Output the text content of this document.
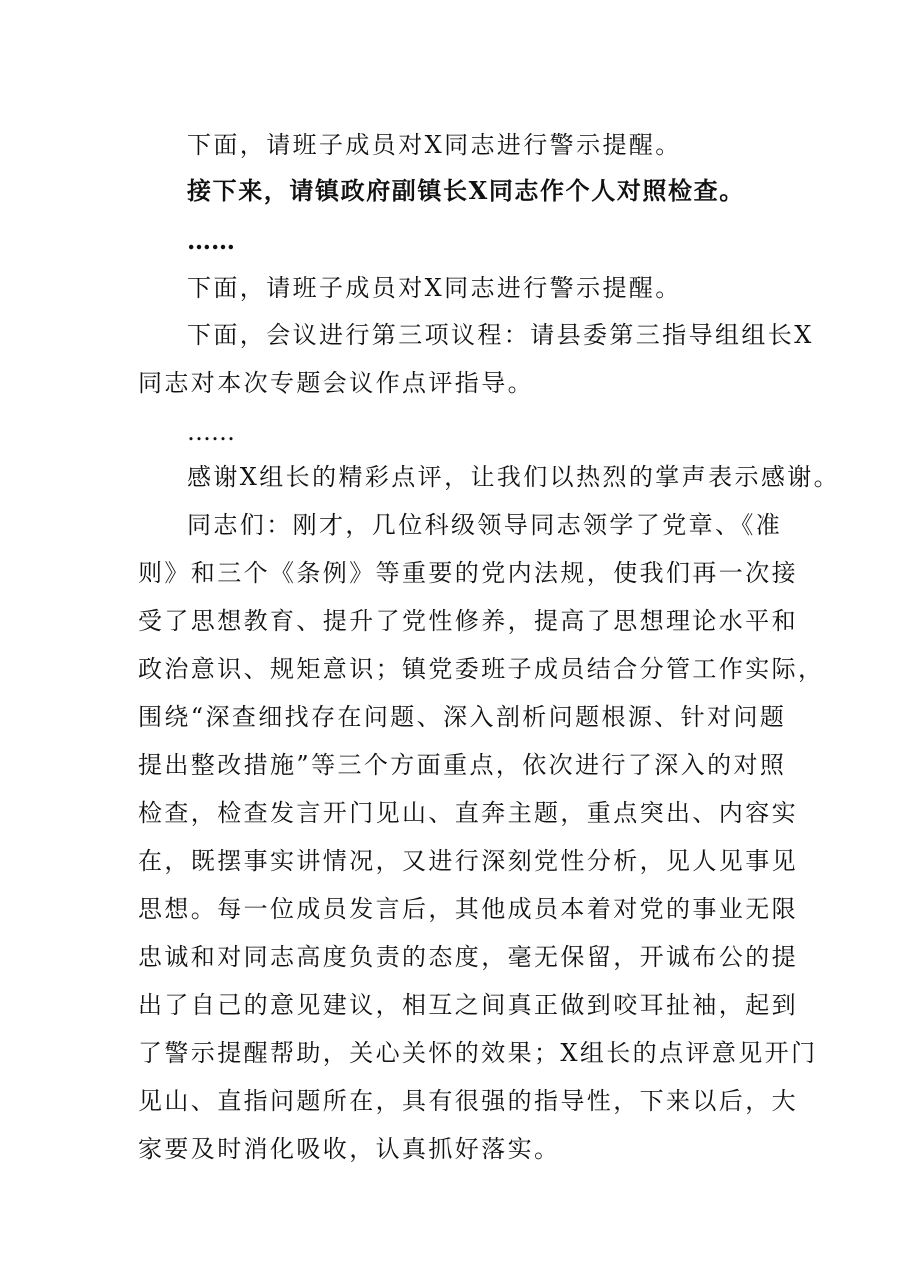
下面，请班子成员对X同志进行警示提醒。
接下来，请镇政府副镇长X同志作个人对照检查。
……
下面，请班子成员对X同志进行警示提醒。
下面，会议进行第三项议程：请县委第三指导组组长X
同志对本次专题会议作点评指导。
……
感谢X组长的精彩点评，让我们以热烈的掌声表示感谢。
同志们：刚才，几位科级领导同志领学了党章、《准
则》和三个《条例》等重要的党内法规，使我们再一次接
受了思想教育、提升了党性修养，提高了思想理论水平和
政治意识、规矩意识；镇党委班子成员结合分管工作实际，
围绕“深查细找存在问题、深入剖析问题根源、针对问题
提出整改措施”等三个方面重点，依次进行了深入的对照
检查，检查发言开门见山、直奔主题，重点突出、内容实
在，既摆事实讲情况，又进行深刻党性分析，见人见事见
思想。每一位成员发言后，其他成员本着对党的事业无限
忠诚和对同志高度负责的态度，毫无保留，开诚布公的提
出了自己的意见建议，相互之间真正做到咬耳扯袖，起到
了警示提醒帮助，关心关怀的效果；X组长的点评意见开门
见山、直指问题所在，具有很强的指导性，下来以后，大
家要及时消化吸收，认真抓好落实。
